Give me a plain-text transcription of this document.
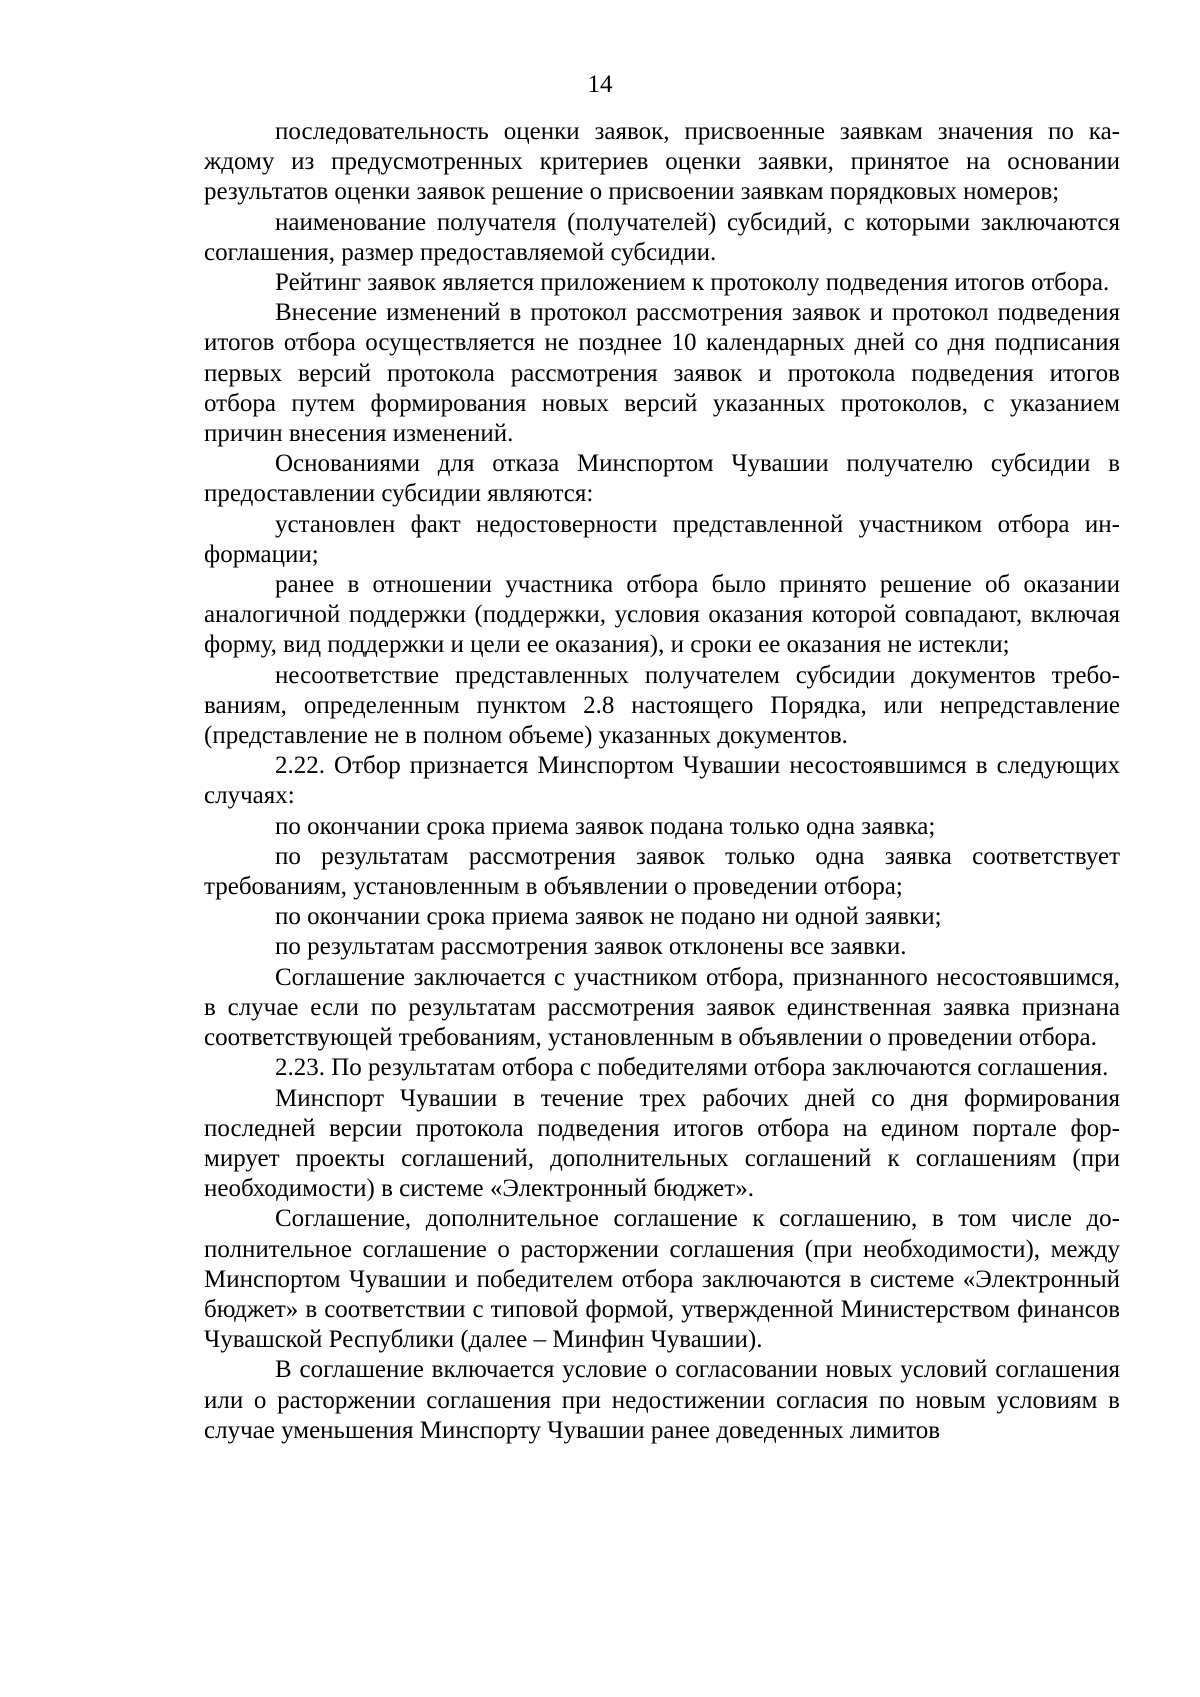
14

последовательность оценки заявок, присвоенные заявкам значения по каждому из предусмотренных критериев оценки заявки, принятое на основании результатов оценки заявок решение о присвоении заявкам порядковых номеров;

наименование получателя (получателей) субсидий, с которыми заключаются соглашения, размер предоставляемой субсидии.

Рейтинг заявок является приложением к протоколу подведения итогов отбора.

Внесение изменений в протокол рассмотрения заявок и протокол подведения итогов отбора осуществляется не позднее 10 календарных дней со дня подписания первых версий протокола рассмотрения заявок и протокола подведения итогов отбора путем формирования новых версий указанных протоколов, с указанием причин внесения изменений.

Основаниями для отказа Минспортом Чувашии получателю субсидии в предоставлении субсидии являются:

установлен факт недостоверности представленной участником отбора информации;

ранее в отношении участника отбора было принято решение об оказании аналогичной поддержки (поддержки, условия оказания которой совпадают, включая форму, вид поддержки и цели ее оказания), и сроки ее оказания не истекли;

несоответствие представленных получателем субсидии документов требованиям, определенным пунктом 2.8 настоящего Порядка, или непредставление (представление не в полном объеме) указанных документов.

2.22. Отбор признается Минспортом Чувашии несостоявшимся в следующих случаях:

по окончании срока приема заявок подана только одна заявка;

по результатам рассмотрения заявок только одна заявка соответствует требованиям, установленным в объявлении о проведении отбора;

по окончании срока приема заявок не подано ни одной заявки;

по результатам рассмотрения заявок отклонены все заявки.

Соглашение заключается с участником отбора, признанного несостоявшимся, в случае если по результатам рассмотрения заявок единственная заявка признана соответствующей требованиям, установленным в объявлении о проведении отбора.

2.23. По результатам отбора с победителями отбора заключаются соглашения.

Минспорт Чувашии в течение трех рабочих дней со дня формирования последней версии протокола подведения итогов отбора на едином портале формирует проекты соглашений, дополнительных соглашений к соглашениям (при необходимости) в системе «Электронный бюджет».

Соглашение, дополнительное соглашение к соглашению, в том числе дополнительное соглашение о расторжении соглашения (при необходимости), между Минспортом Чувашии и победителем отбора заключаются в системе «Электронный бюджет» в соответствии с типовой формой, утвержденной Министерством финансов Чувашской Республики (далее – Минфин Чувашии).

В соглашение включается условие о согласовании новых условий соглашения или о расторжении соглашения при недостижении согласия по новым условиям в случае уменьшения Минспорту Чувашии ранее доведенных лимитов
